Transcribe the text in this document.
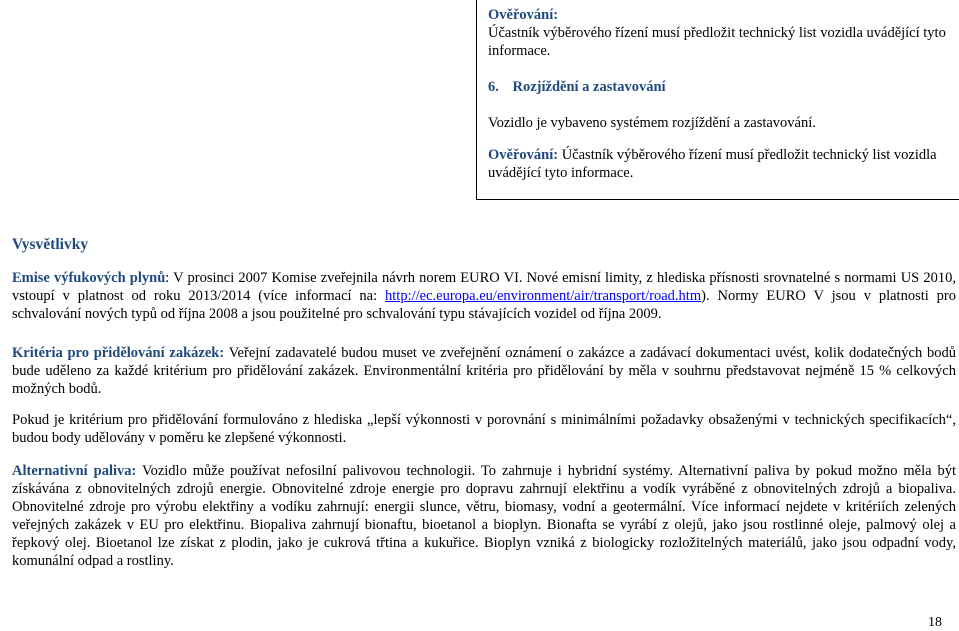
Ověřování:
Účastník výběrového řízení musí předložit technický list vozidla uvádějící tyto informace.
6. Rozjíždění a zastavování
Vozidlo je vybaveno systémem rozjíždění a zastavování.
Ověřování: Účastník výběrového řízení musí předložit technický list vozidla uvádějící tyto informace.
Vysvětlivky
Emise výfukových plynů: V prosinci 2007 Komise zveřejnila návrh norem EURO VI. Nové emisní limity, z hlediska přísnosti srovnatelné s normami US 2010, vstoupí v platnost od roku 2013/2014 (více informací na: http://ec.europa.eu/environment/air/transport/road.htm). Normy EURO V jsou v platnosti pro schvalování nových typů od října 2008 a jsou použitelné pro schvalování typu stávajících vozidel od října 2009.
Kritéria pro přidělování zakázek: Veřejní zadavatelé budou muset ve zveřejnění oznámení o zakázce a zadávací dokumentaci uvést, kolik dodatečných bodů bude uděleno za každé kritérium pro přidělování zakázek. Environmentální kritéria pro přidělování by měla v souhrnu představovat nejméně 15 % celkových možných bodů.
Pokud je kritérium pro přidělování formulováno z hlediska „lepší výkonnosti v porovnání s minimálními požadavky obsaženými v technických specifikacích“, budou body udělovány v poměru ke zlepšené výkonnosti.
Alternativní paliva: Vozidlo může používat nefosilní palivovou technologii. To zahrnuje i hybridní systémy. Alternativní paliva by pokud možno měla být získávána z obnovitelných zdrojů energie. Obnovitelné zdroje energie pro dopravu zahrnují elektřinu a vodík vyráběné z obnovitelných zdrojů a biopaliva. Obnovitelné zdroje pro výrobu elektřiny a vodíku zahrnují: energii slunce, větru, biomasy, vodní a geotermální. Více informací nejdete v kritériích zelených veřejných zakázek v EU pro elektřinu. Biopaliva zahrnují bionaftu, bioetanol a bioplyn. Bionafta se vyrábí z olejů, jako jsou rostlinné oleje, palmový olej a řepkový olej. Bioetanol lze získat z plodin, jako je cukrová třtina a kukuřice. Bioplyn vzniká z biologicky rozložitelných materiálů, jako jsou odpadní vody, komunální odpad a rostliny.
18
